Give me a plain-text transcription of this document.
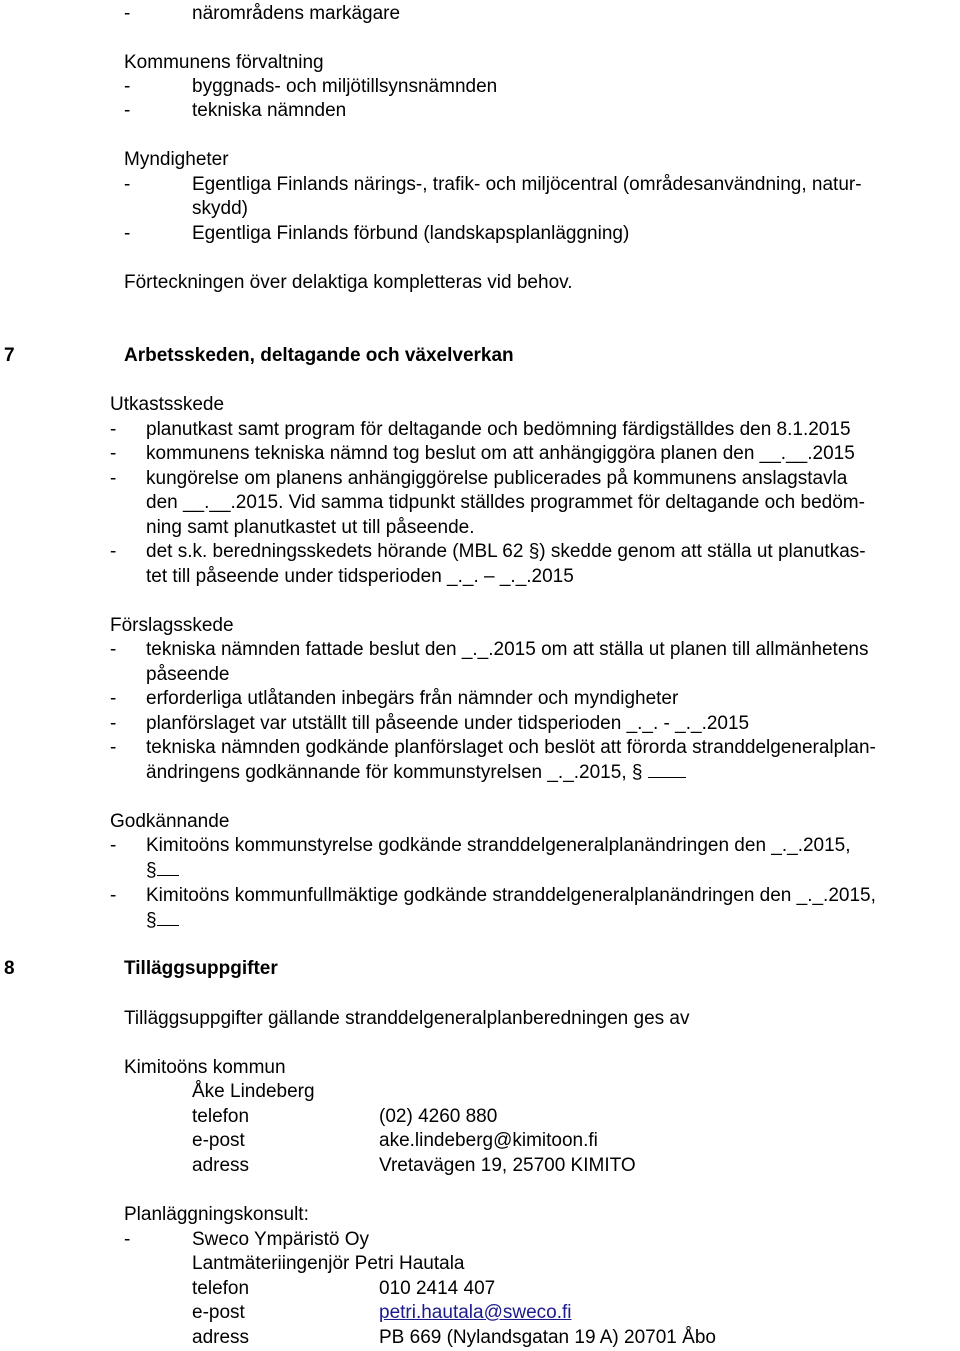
-	närområdens markägare
Kommunens förvaltning
-	byggnads- och miljötillsynsnämnden
-	tekniska nämnden
Myndigheter
-	Egentliga Finlands närings-, trafik- och miljöcentral (områdesanvändning, natur-
skydd)
-	Egentliga Finlands förbund (landskapsplanläggning)
Förteckningen över delaktiga kompletteras vid behov.
7	Arbetsskeden, deltagande och växelverkan
Utkastsskede
- planutkast samt program för deltagande och bedömning färdigställdes den 8.1.2015
- kommunens tekniska nämnd tog beslut om att anhängiggöra planen den __.__.2015
- kungörelse om planens anhängiggörelse publicerades på kommunens anslagstavla
den __.__.2015. Vid samma tidpunkt ställdes programmet för deltagande och bedöm-
ning samt planutkastet ut till påseende.
- det s.k. beredningsskedets hörande (MBL 62 §) skedde genom att ställa ut planutkas-
tet till påseende under tidsperioden _._. – _._.2015
Förslagsskede
- tekniska nämnden fattade beslut den _._.2015 om att ställa ut planen till allmänhetens
påseende
- erforderliga utlåtanden inbegärs från nämnder och myndigheter
- planförslaget var utställt till påseende under tidsperioden _._. - _._.2015
- tekniska nämnden godkände planförslaget och beslöt att förorda stranddelgeneralplan-
ändringens godkännande för kommunstyrelsen _._.2015, §
Godkännande
- Kimitoöns kommunstyrelse godkände stranddelgeneralplanändringen den _._.2015,
§
- Kimitoöns kommunfullmäktige godkände stranddelgeneralplanändringen den _._.2015,
§
8	Tilläggsuppgifter
Tilläggsuppgifter gällande stranddelgeneralplanberedningen ges av
Kimitoöns kommun
Åke Lindeberg
telefon	(02) 4260 880
e-post	ake.lindeberg@kimitoon.fi
adress	Vretavägen 19, 25700 KIMITO
Planläggningskonsult:
-	Sweco Ympäristö Oy
Lantmäteriingenjör Petri Hautala
telefon	010 2414 407
e-post	petri.hautala@sweco.fi
adress	PB 669 (Nylandsgatan 19 A) 20701 Åbo
